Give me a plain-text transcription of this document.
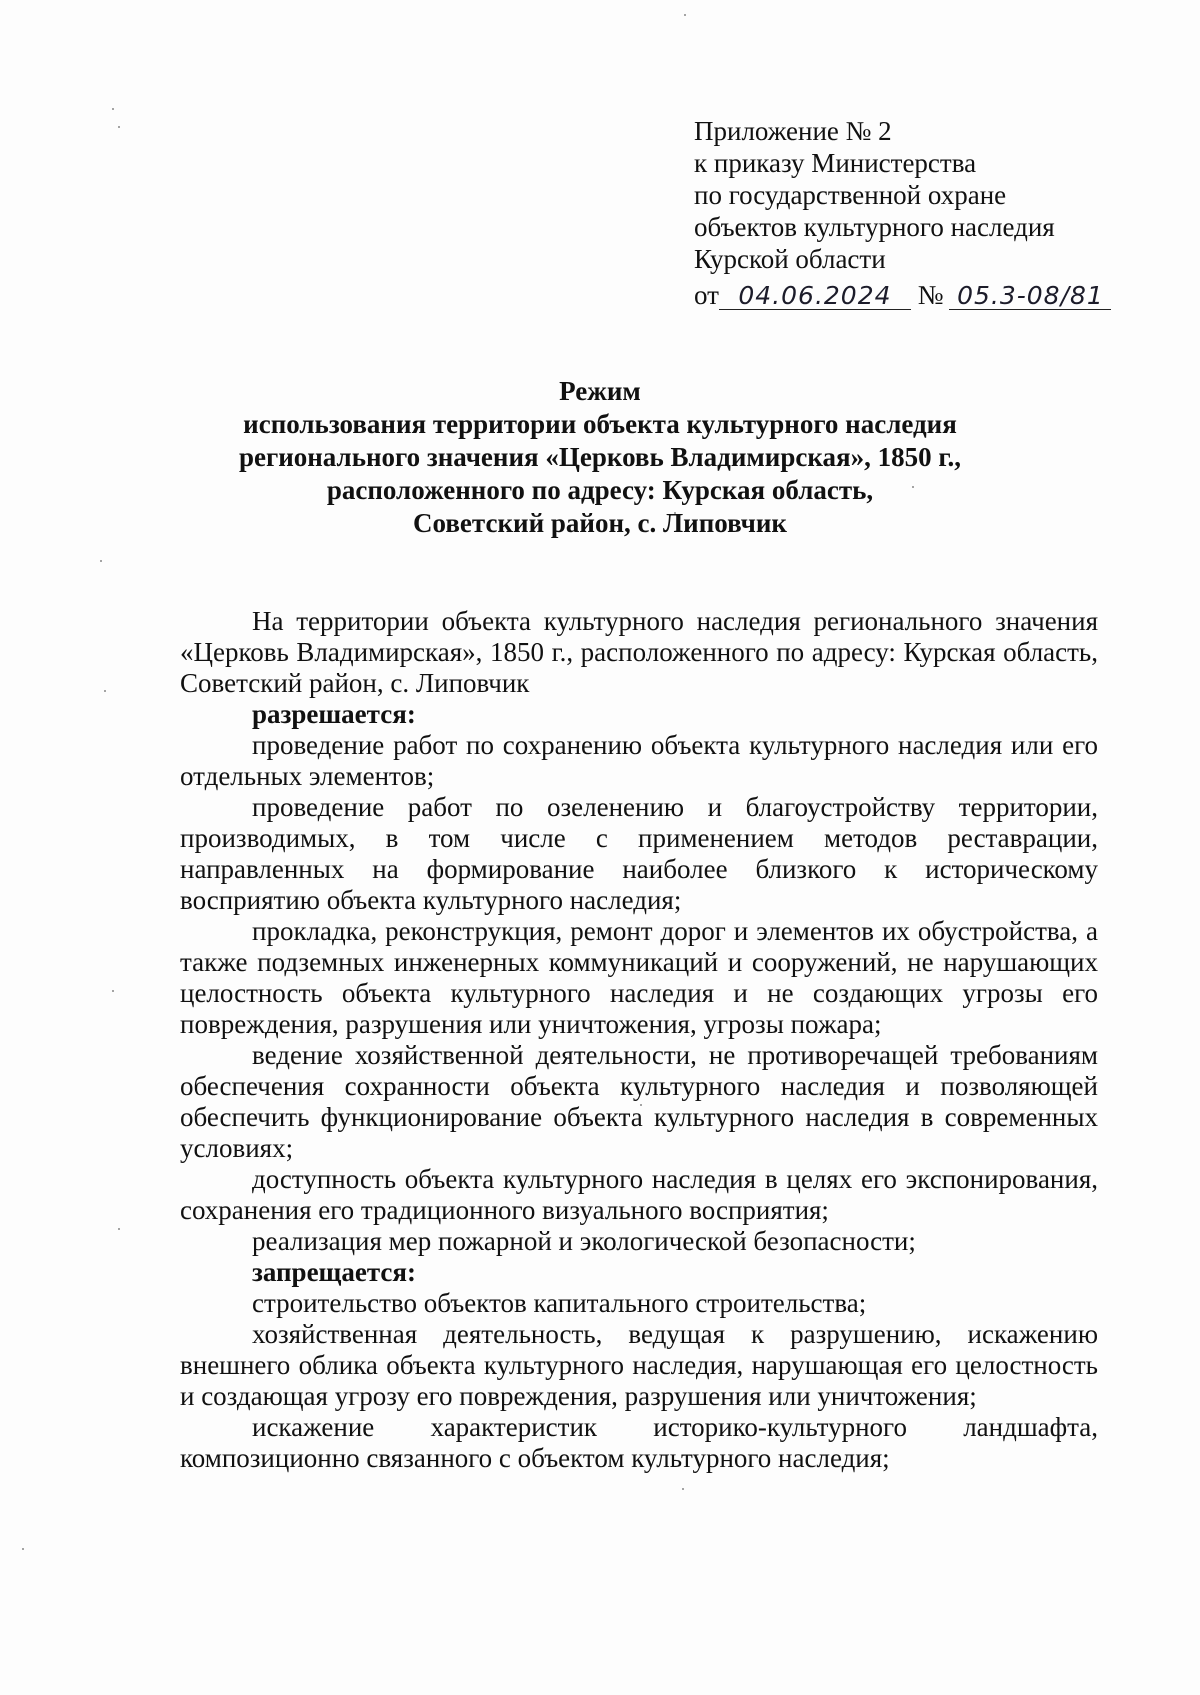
Приложение № 2
к приказу Министерства
по государственной охране
объектов культурного наследия
Курской области
от 04.06.2024 № 05.3-08/81
Режим
использования территории объекта культурного наследия
регионального значения «Церковь Владимирская», 1850 г.,
расположенного по адресу: Курская область,
Советский район, с. Липовчик

На территории объекта культурного наследия регионального значения «Церковь Владимирская», 1850 г., расположенного по адресу: Курская область, Советский район, с. Липовчик

разрешается:

проведение работ по сохранению объекта культурного наследия или его отдельных элементов;

проведение работ по озеленению и благоустройству территории, производимых, в том числе с применением методов реставрации, направленных на формирование наиболее близкого к историческому восприятию объекта культурного наследия;

прокладка, реконструкция, ремонт дорог и элементов их обустройства, а также подземных инженерных коммуникаций и сооружений, не нарушающих целостность объекта культурного наследия и не создающих угрозы его повреждения, разрушения или уничтожения, угрозы пожара;

ведение хозяйственной деятельности, не противоречащей требованиям обеспечения сохранности объекта культурного наследия и позволяющей обеспечить функционирование объекта культурного наследия в современных условиях;

доступность объекта культурного наследия в целях его экспонирования, сохранения его традиционного визуального восприятия;

реализация мер пожарной и экологической безопасности;

запрещается:

строительство объектов капитального строительства;

хозяйственная деятельность, ведущая к разрушению, искажению внешнего облика объекта культурного наследия, нарушающая его целостность и создающая угрозу его повреждения, разрушения или уничтожения;

искажение характеристик историко-культурного ландшафта, композиционно связанного с объектом культурного наследия;
